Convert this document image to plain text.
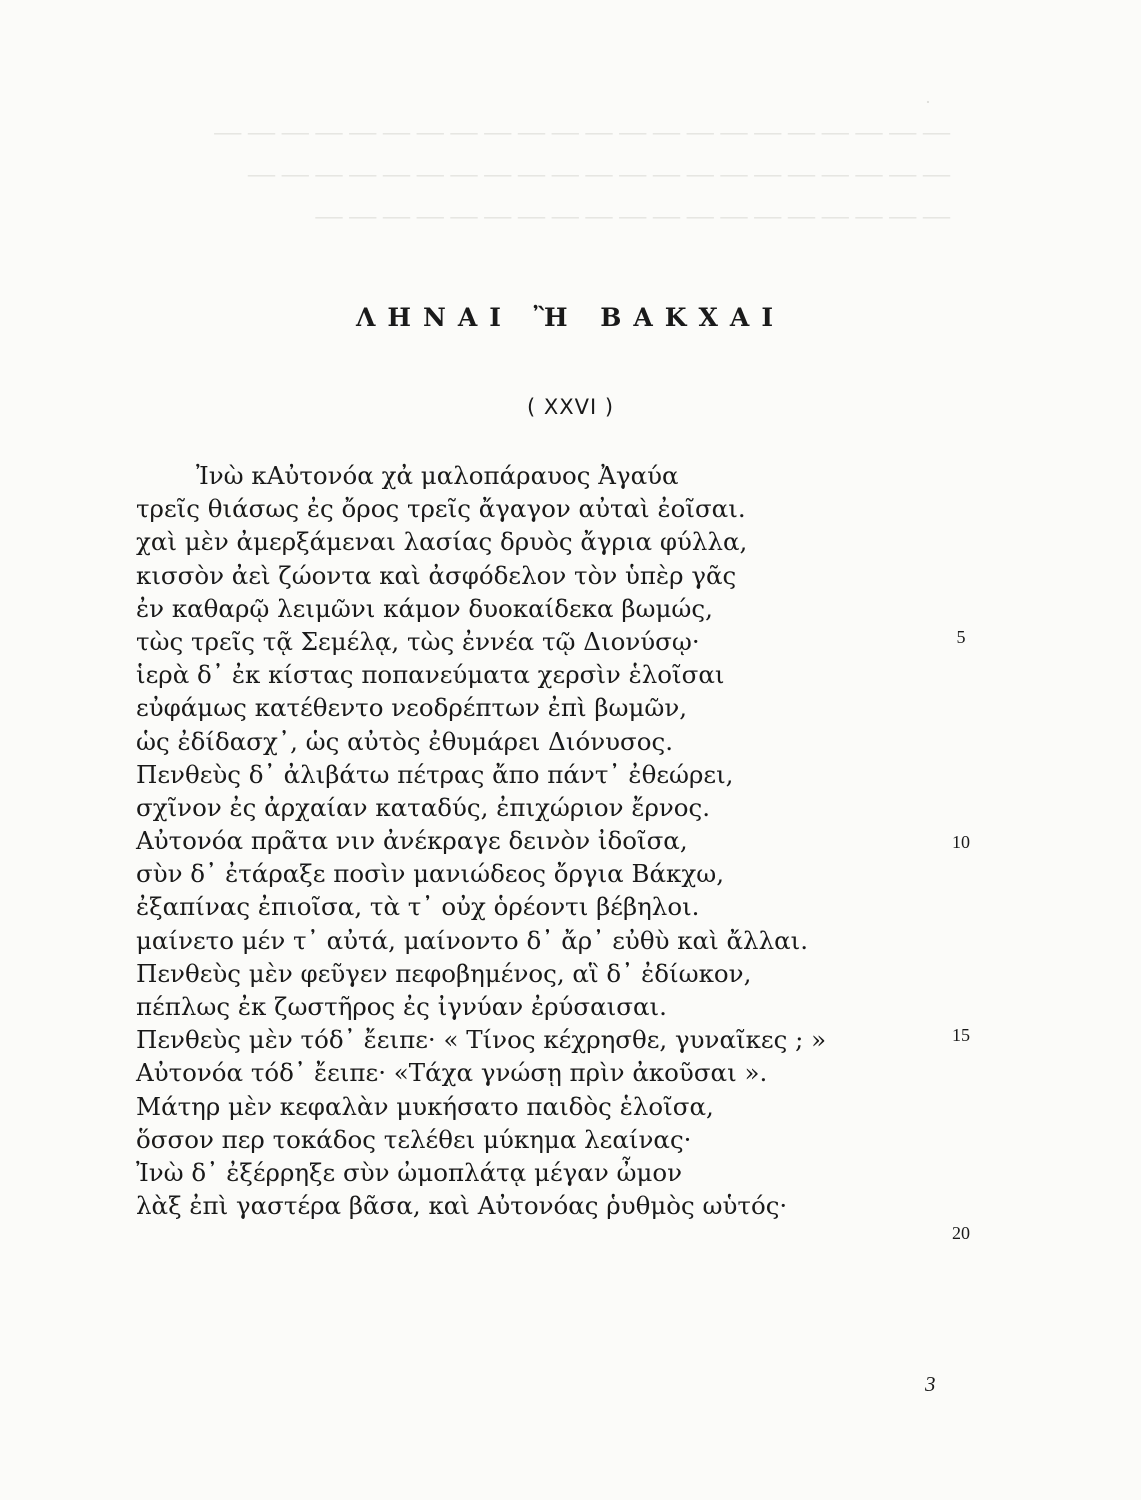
— — — — — — — — — — — — — — — — — — — — — —
— — — — — — — — — — — — — — — — — — — — —
— — — — — — — — — — — — — — — — — — —
·
ΛΗΝΑΙ Ἢ ΒΑΚΧΑΙ
( XXVI )
Ἰνὼ κΑὐτονόα χἀ μαλοπάραυος Ἀγαύα
τρεῖς θιάσως ἐς ὄρος τρεῖς ἄγαγον αὐταὶ ἐοῖσαι.
χαὶ μὲν ἀμερξάμεναι λασίας δρυὸς ἄγρια φύλλα,
κισσὸν ἀεὶ ζώοντα καὶ ἀσφόδελον τὸν ὑπὲρ γᾶς
ἐν καθαρῷ λειμῶνι κάμον δυοκαίδεκα βωμώς,
τὼς τρεῖς τᾷ Σεμέλᾳ, τὼς ἐννέα τῷ Διονύσῳ·
ἱερὰ δ᾽ ἐκ κίστας ποπανεύματα χερσὶν ἑλοῖσαι
εὐφάμως κατέθεντο νεοδρέπτων ἐπὶ βωμῶν,
ὡς ἐδίδασχ᾽, ὡς αὐτὸς ἐθυμάρει Διόνυσος.
Πενθεὺς δ᾽ ἀλιβάτω πέτρας ἄπο πάντ᾽ ἐθεώρει,
σχῖνον ἐς ἀρχαίαν καταδύς, ἐπιχώριον ἔρνος.
Αὐτονόα πρᾶτα νιν ἀνέκραγε δεινὸν ἰδοῖσα,
σὺν δ᾽ ἐτάραξε ποσὶν μανιώδεος ὄργια Βάκχω,
ἐξαπίνας ἐπιοῖσα, τὰ τ᾽ οὐχ ὁρέοντι βέβηλοι.
μαίνετο μέν τ᾽ αὐτά, μαίνοντο δ᾽ ἄρ᾽ εὐθὺ καὶ ἄλλαι.
Πενθεὺς μὲν φεῦγεν πεφοβημένος, αἳ δ᾽ ἐδίωκον,
πέπλως ἐκ ζωστῆρος ἐς ἰγνύαν ἐρύσαισαι.
Πενθεὺς μὲν τόδ᾽ ἔειπε· « Τίνος κέχρησθε, γυναῖκες ; »
Αὐτονόα τόδ᾽ ἔειπε· «Τάχα γνώσῃ πρὶν ἀκοῦσαι ».
Μάτηρ μὲν κεφαλὰν μυκήσατο παιδὸς ἑλοῖσα,
ὅσσον περ τοκάδος τελέθει μύκημα λεαίνας·
Ἰνὼ δ᾽ ἐξέρρηξε σὺν ὠμοπλάτᾳ μέγαν ὦμον
λὰξ ἐπὶ γαστέρα βᾶσα, καὶ Αὐτονόας ῥυθμὸς ωὑτός·
5
10
15
20
3
